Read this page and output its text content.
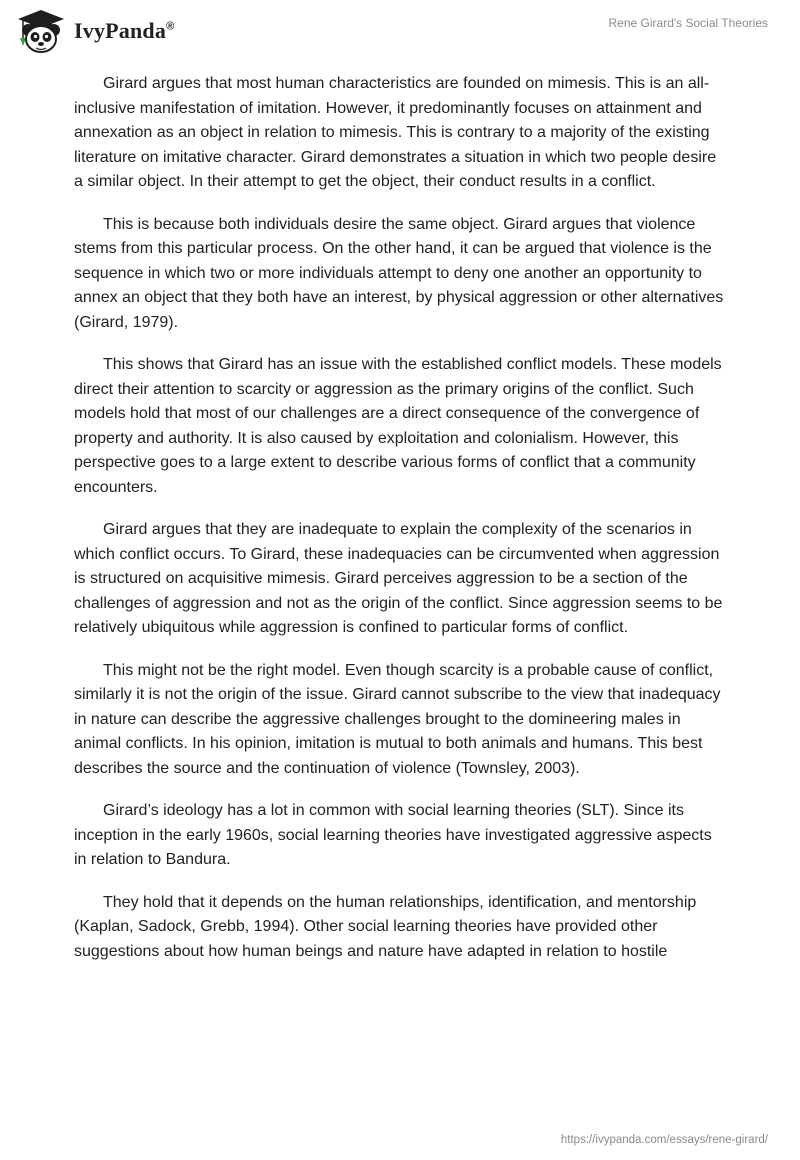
IvyPanda®	Rene Girard's Social Theories

Girard argues that most human characteristics are founded on mimesis. This is an all-inclusive manifestation of imitation. However, it predominantly focuses on attainment and annexation as an object in relation to mimesis. This is contrary to a majority of the existing literature on imitative character. Girard demonstrates a situation in which two people desire a similar object. In their attempt to get the object, their conduct results in a conflict.

This is because both individuals desire the same object. Girard argues that violence stems from this particular process. On the other hand, it can be argued that violence is the sequence in which two or more individuals attempt to deny one another an opportunity to annex an object that they both have an interest, by physical aggression or other alternatives (Girard, 1979).

This shows that Girard has an issue with the established conflict models. These models direct their attention to scarcity or aggression as the primary origins of the conflict. Such models hold that most of our challenges are a direct consequence of the convergence of property and authority. It is also caused by exploitation and colonialism. However, this perspective goes to a large extent to describe various forms of conflict that a community encounters.

Girard argues that they are inadequate to explain the complexity of the scenarios in which conflict occurs. To Girard, these inadequacies can be circumvented when aggression is structured on acquisitive mimesis. Girard perceives aggression to be a section of the challenges of aggression and not as the origin of the conflict. Since aggression seems to be relatively ubiquitous while aggression is confined to particular forms of conflict.

This might not be the right model. Even though scarcity is a probable cause of conflict, similarly it is not the origin of the issue. Girard cannot subscribe to the view that inadequacy in nature can describe the aggressive challenges brought to the domineering males in animal conflicts. In his opinion, imitation is mutual to both animals and humans. This best describes the source and the continuation of violence (Townsley, 2003).

Girard’s ideology has a lot in common with social learning theories (SLT). Since its inception in the early 1960s, social learning theories have investigated aggressive aspects in relation to Bandura.

They hold that it depends on the human relationships, identification, and mentorship (Kaplan, Sadock, Grebb, 1994). Other social learning theories have provided other suggestions about how human beings and nature have adapted in relation to hostile

https://ivypanda.com/essays/rene-girard/
